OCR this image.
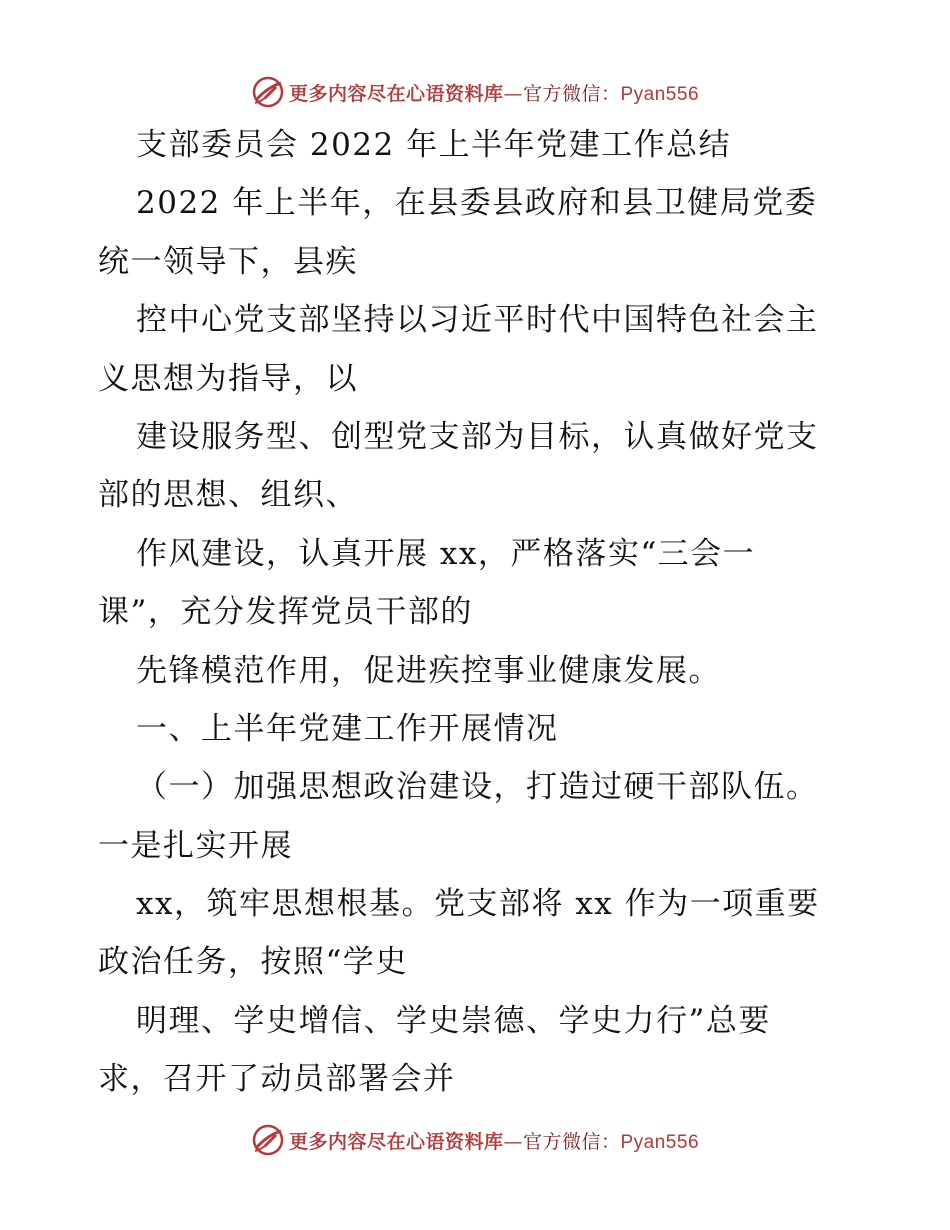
更多内容尽在心语资料库—官方微信：Pyan556
支部委员会 2022 年上半年党建工作总结
2022 年上半年，在县委县政府和县卫健局党委
统一领导下，县疾
控中心党支部坚持以习近平时代中国特色社会主
义思想为指导，以
建设服务型、创型党支部为目标，认真做好党支
部的思想、组织、
作风建设，认真开展 xx，严格落实“三会一
课”，充分发挥党员干部的
先锋模范作用，促进疾控事业健康发展。
一、上半年党建工作开展情况
（一）加强思想政治建设，打造过硬干部队伍。
一是扎实开展
xx，筑牢思想根基。党支部将 xx 作为一项重要
政治任务，按照“学史
明理、学史增信、学史崇德、学史力行”总要
求，召开了动员部署会并
更多内容尽在心语资料库—官方微信：Pyan556
